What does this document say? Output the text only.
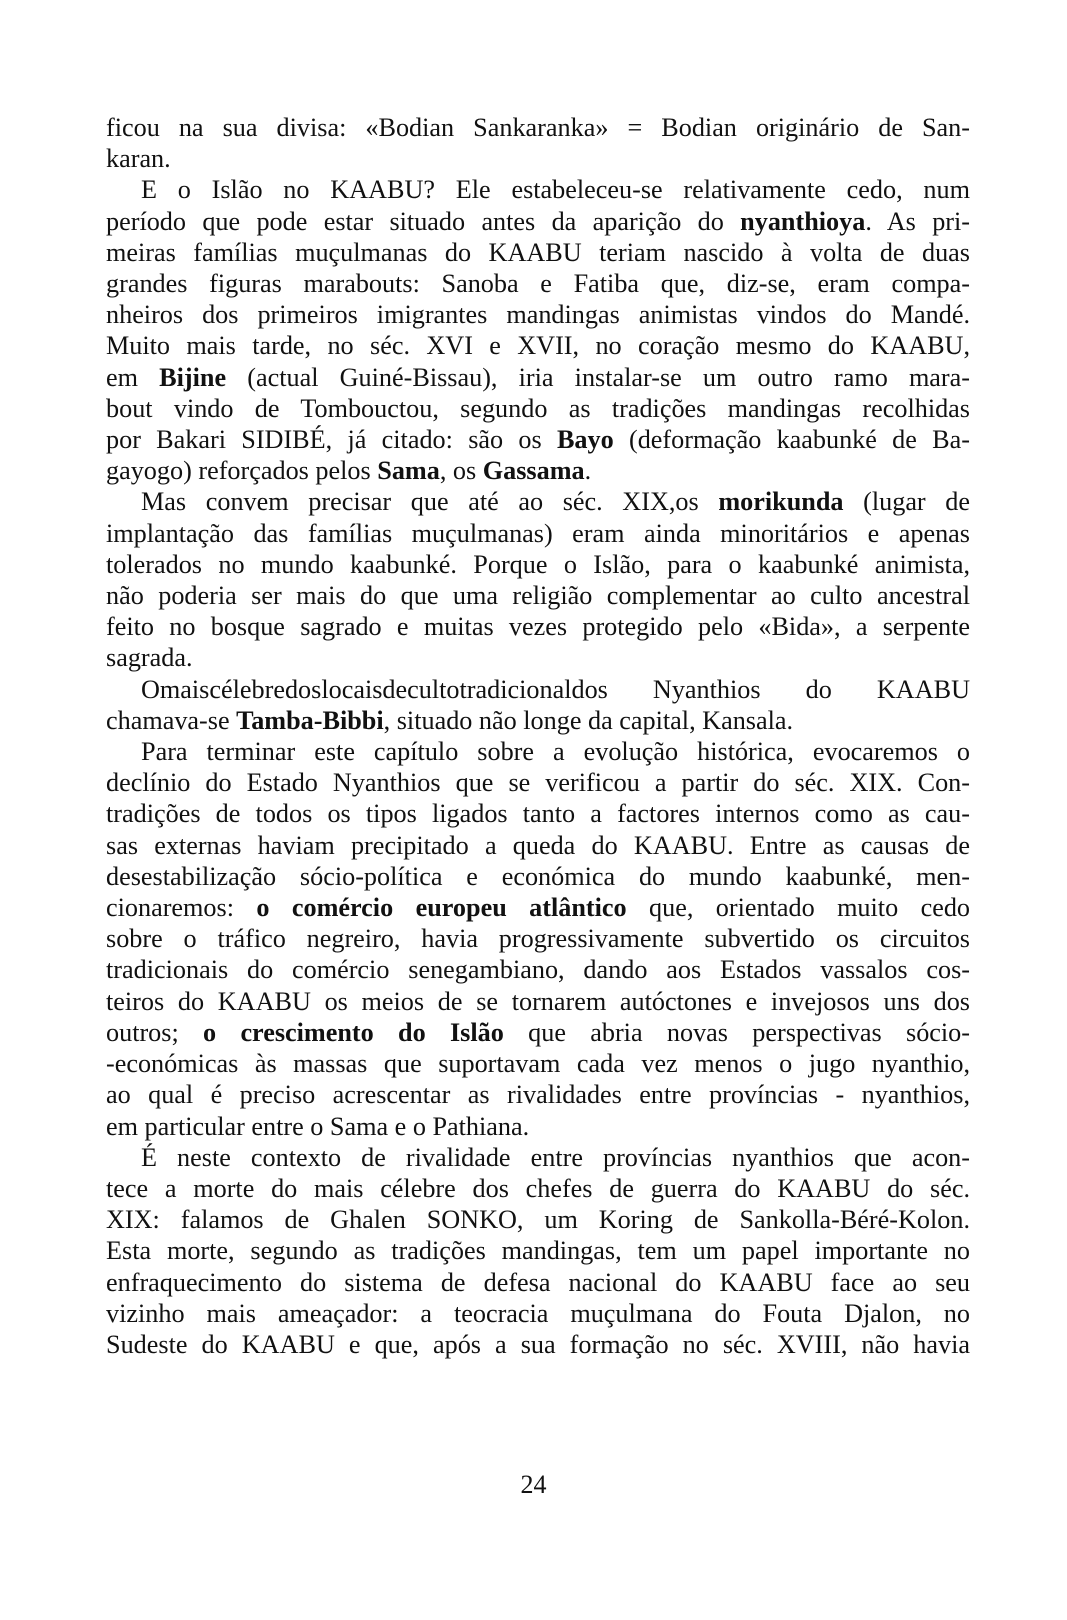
ficou na sua divisa: «Bodian Sankaranka» = Bodian originário de San-
karan.

E o Islão no KAABU? Ele estabeleceu-se relativamente cedo, num
período que pode estar situado antes da aparição do nyanthioya. As pri-
meiras famílias muçulmanas do KAABU teriam nascido à volta de duas
grandes figuras marabouts: Sanoba e Fatiba que, diz-se, eram compa-
nheiros dos primeiros imigrantes mandingas animistas vindos do Mandé.
Muito mais tarde, no séc. XVI e XVII, no coração mesmo do KAABU,
em Bijine (actual Guiné-Bissau), iria instalar-se um outro ramo mara-
bout vindo de Tombouctou, segundo as tradições mandingas recolhidas
por Bakari SIDIBÉ, já citado: são os Bayo (deformação kaabunké de Ba-
gayogo) reforçados pelos Sama, os Gassama.

Mas convem precisar que até ao séc. XIX,os morikunda (lugar de
implantação das famílias muçulmanas) eram ainda minoritários e apenas
tolerados no mundo kaabunké. Porque o Islão, para o kaabunké animista,
não poderia ser mais do que uma religião complementar ao culto ancestral
feito no bosque sagrado e muitas vezes protegido pelo «Bida», a serpente
sagrada.

Omaiscélebredoslocaisdecultotradicionaldos Nyanthios do KAABU
chamava-se Tamba-Bibbi, situado não longe da capital, Kansala.

Para terminar este capítulo sobre a evolução histórica, evocaremos o
declínio do Estado Nyanthios que se verificou a partir do séc. XIX. Con-
tradições de todos os tipos ligados tanto a factores internos como as cau-
sas externas haviam precipitado a queda do KAABU. Entre as causas de
desestabilização sócio-política e económica do mundo kaabunké, men-
cionaremos: o comércio europeu atlântico que, orientado muito cedo
sobre o tráfico negreiro, havia progressivamente subvertido os circuitos
tradicionais do comércio senegambiano, dando aos Estados vassalos cos-
teiros do KAABU os meios de se tornarem autóctones e invejosos uns dos
outros; o crescimento do Islão que abria novas perspectivas sócio-
-económicas às massas que suportavam cada vez menos o jugo nyanthio,
ao qual é preciso acrescentar as rivalidades entre províncias - nyanthios,
em particular entre o Sama e o Pathiana.

É neste contexto de rivalidade entre províncias nyanthios que acon-
tece a morte do mais célebre dos chefes de guerra do KAABU do séc.
XIX: falamos de Ghalen SONKO, um Koring de Sankolla-Béré-Kolon.
Esta morte, segundo as tradições mandingas, tem um papel importante no
enfraquecimento do sistema de defesa nacional do KAABU face ao seu
vizinho mais ameaçador: a teocracia muçulmana do Fouta Djalon, no
Sudeste do KAABU e que, após a sua formação no séc. XVIII, não havia

24
